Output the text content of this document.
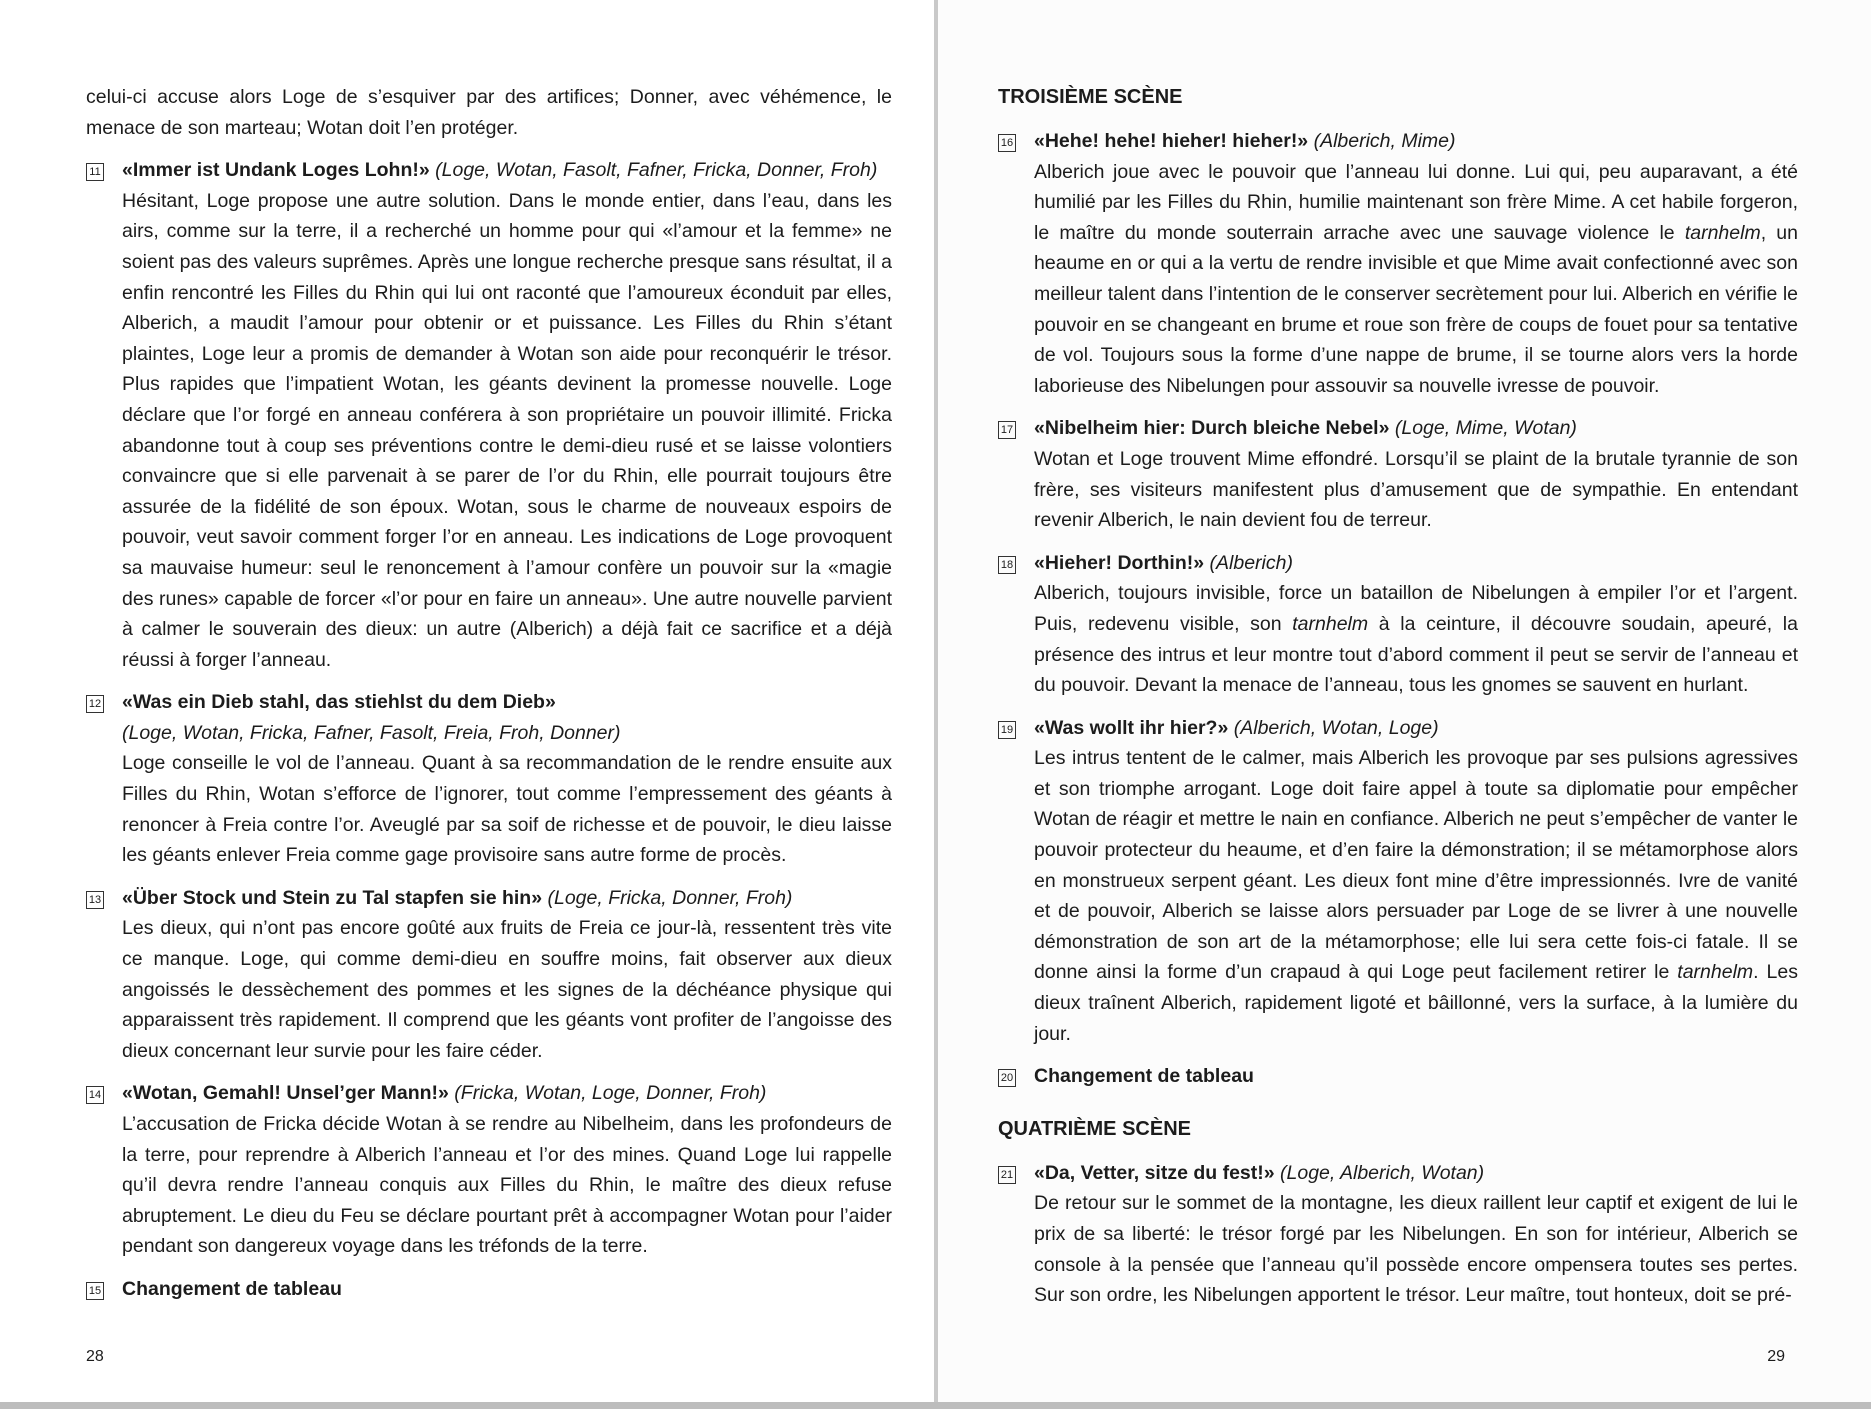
celui-ci accuse alors Loge de s’esquiver par des artifices; Donner, avec véhémence, le menace de son marteau; Wotan doit l’en protéger.

11 «Immer ist Undank Loges Lohn!» (Loge, Wotan, Fasolt, Fafner, Fricka, Donner, Froh)

Hésitant, Loge propose une autre solution. Dans le monde entier, dans l’eau, dans les airs, comme sur la terre, il a recherché un homme pour qui «l’amour et la femme» ne soient pas des valeurs suprêmes. Après une longue recherche presque sans résultat, il a enfin rencontré les Filles du Rhin qui lui ont raconté que l’amoureux éconduit par elles, Alberich, a maudit l’amour pour obtenir or et puissance. Les Filles du Rhin s’étant plaintes, Loge leur a promis de demander à Wotan son aide pour reconquérir le trésor. Plus rapides que l’impatient Wotan, les géants devinent la promesse nouvelle. Loge déclare que l’or forgé en anneau conférera à son propriétaire un pouvoir illimité. Fricka abandonne tout à coup ses préventions contre le demi-dieu rusé et se laisse volontiers convaincre que si elle parvenait à se parer de l’or du Rhin, elle pourrait toujours être assurée de la fidélité de son époux. Wotan, sous le charme de nouveaux espoirs de pouvoir, veut savoir comment forger l’or en anneau. Les indications de Loge provoquent sa mauvaise humeur: seul le renoncement à l’amour confère un pouvoir sur la «magie des runes» capable de forcer «l’or pour en faire un anneau». Une autre nouvelle parvient à calmer le souverain des dieux: un autre (Alberich) a déjà fait ce sacrifice et a déjà réussi à forger l’anneau.

12 «Was ein Dieb stahl, das stiehlst du dem Dieb»
(Loge, Wotan, Fricka, Fafner, Fasolt, Freia, Froh, Donner)

Loge conseille le vol de l’anneau. Quant à sa recommandation de le rendre ensuite aux Filles du Rhin, Wotan s’efforce de l’ignorer, tout comme l’empressement des géants à renoncer à Freia contre l’or. Aveuglé par sa soif de richesse et de pouvoir, le dieu laisse les géants enlever Freia comme gage provisoire sans autre forme de procès.

13 «Über Stock und Stein zu Tal stapfen sie hin» (Loge, Fricka, Donner, Froh)

Les dieux, qui n’ont pas encore goûté aux fruits de Freia ce jour-là, ressentent très vite ce manque. Loge, qui comme demi-dieu en souffre moins, fait observer aux dieux angoissés le dessèchement des pommes et les signes de la déchéance physique qui apparaissent très rapidement. Il comprend que les géants vont profiter de l’angoisse des dieux concernant leur survie pour les faire céder.

14 «Wotan, Gemahl! Unsel’ger Mann!» (Fricka, Wotan, Loge, Donner, Froh)

L’accusation de Fricka décide Wotan à se rendre au Nibelheim, dans les profondeurs de la terre, pour reprendre à Alberich l’anneau et l’or des mines. Quand Loge lui rappelle qu’il devra rendre l’anneau conquis aux Filles du Rhin, le maître des dieux refuse abruptement. Le dieu du Feu se déclare pourtant prêt à accompagner Wotan pour l’aider pendant son dangereux voyage dans les tréfonds de la terre.

15 Changement de tableau
28
TROISIÈME SCÈNE
16 «Hehe! hehe! hieher! hieher!» (Alberich, Mime)

Alberich joue avec le pouvoir que l’anneau lui donne. Lui qui, peu auparavant, a été humilié par les Filles du Rhin, humilie maintenant son frère Mime. A cet habile forgeron, le maître du monde souterrain arrache avec une sauvage violence le tarnhelm, un heaume en or qui a la vertu de rendre invisible et que Mime avait confectionné avec son meilleur talent dans l’intention de le conserver secrètement pour lui. Alberich en vérifie le pouvoir en se changeant en brume et roue son frère de coups de fouet pour sa tentative de vol. Toujours sous la forme d’une nappe de brume, il se tourne alors vers la horde laborieuse des Nibelungen pour assouvir sa nouvelle ivresse de pouvoir.

17 «Nibelheim hier: Durch bleiche Nebel» (Loge, Mime, Wotan)

Wotan et Loge trouvent Mime effondré. Lorsqu’il se plaint de la brutale tyrannie de son frère, ses visiteurs manifestent plus d’amusement que de sympathie. En entendant revenir Alberich, le nain devient fou de terreur.

18 «Hieher! Dorthin!» (Alberich)

Alberich, toujours invisible, force un bataillon de Nibelungen à empiler l’or et l’argent. Puis, redevenu visible, son tarnhelm à la ceinture, il découvre soudain, apeuré, la présence des intrus et leur montre tout d’abord comment il peut se servir de l’anneau et du pouvoir. Devant la menace de l’anneau, tous les gnomes se sauvent en hurlant.

19 «Was wollt ihr hier?» (Alberich, Wotan, Loge)

Les intrus tentent de le calmer, mais Alberich les provoque par ses pulsions agressives et son triomphe arrogant. Loge doit faire appel à toute sa diplomatie pour empêcher Wotan de réagir et mettre le nain en confiance. Alberich ne peut s’empêcher de vanter le pouvoir protecteur du heaume, et d’en faire la démonstration; il se métamorphose alors en monstrueux serpent géant. Les dieux font mine d’être impressionnés. Ivre de vanité et de pouvoir, Alberich se laisse alors persuader par Loge de se livrer à une nouvelle démonstration de son art de la métamorphose; elle lui sera cette fois-ci fatale. Il se donne ainsi la forme d’un crapaud à qui Loge peut facilement retirer le tarnhelm. Les dieux traînent Alberich, rapidement ligoté et bâillonné, vers la surface, à la lumière du jour.

20 Changement de tableau
QUATRIÈME SCÈNE
21 «Da, Vetter, sitze du fest!» (Loge, Alberich, Wotan)

De retour sur le sommet de la montagne, les dieux raillent leur captif et exigent de lui le prix de sa liberté: le trésor forgé par les Nibelungen. En son for intérieur, Alberich se console à la pensée que l’anneau qu’il possède encore ompensera toutes ses pertes. Sur son ordre, les Nibelungen apportent le trésor. Leur maître, tout honteux, doit se pré-

29
